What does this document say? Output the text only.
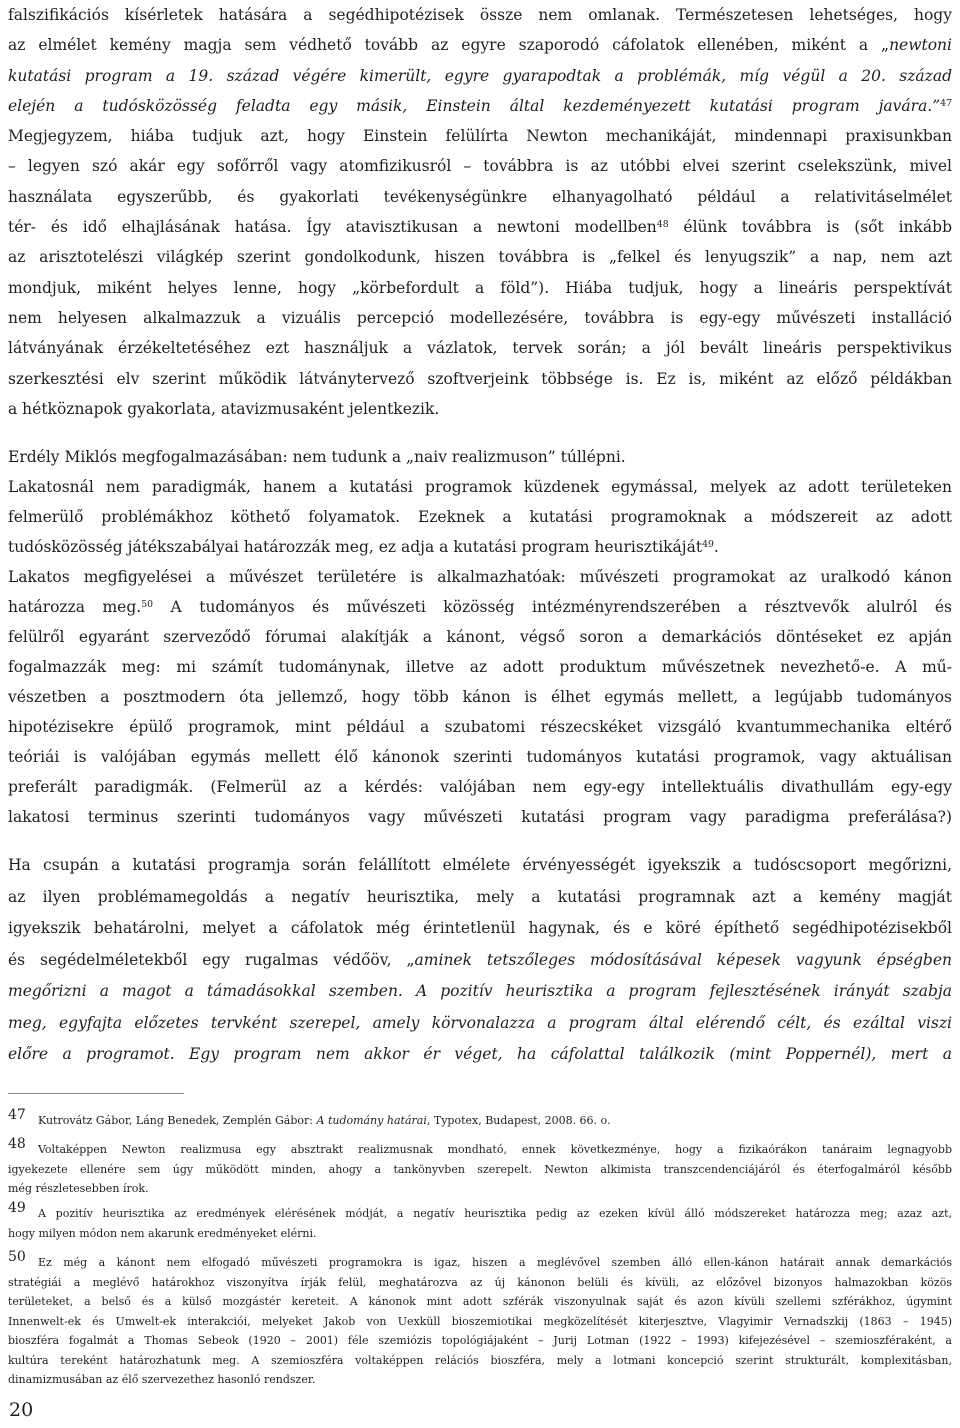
falszifikációs kísérletek hatására a segédhipotézisek össze nem omlanak. Természetesen lehetséges, hogy
az elmélet kemény magja sem védhető tovább az egyre szaporodó cáfolatok ellenében, miként a „newtoni
kutatási program a 19. század végére kimerült, egyre gyarapodtak a problémák, míg végül a 20. század
elején a tudósközösség feladta egy másik, Einstein által kezdeményezett kutatási program javára.”$^{47}$
Megjegyzem, hiába tudjuk azt, hogy Einstein felülírta Newton mechanikáját, mindennapi praxisunkban
– legyen szó akár egy sofőrről vagy atomfizikusról – továbbra is az utóbbi elvei szerint cselekszünk, mivel
használata egyszerűbb, és gyakorlati tevékenységünkre elhanyagolható például a relativitáselmélet
tér- és idő elhajlásának hatása. Így atavisztikusan a newtoni modellben$^{48}$ élünk továbbra is (sőt inkább
az arisztotelészi világkép szerint gondolkodunk, hiszen továbbra is „felkel és lenyugszik” a nap, nem azt
mondjuk, miként helyes lenne, hogy „körbefordult a föld”). Hiába tudjuk, hogy a lineáris perspektívát
nem helyesen alkalmazzuk a vizuális percepció modellezésére, továbbra is egy-egy művészeti installáció
látványának érzékeltetéséhez ezt használjuk a vázlatok, tervek során; a jól bevált lineáris perspektivikus
szerkesztési elv szerint működik látványtervező szoftverjeink többsége is. Ez is, miként az előző példákban
a hétköznapok gyakorlata, atavizmusaként jelentkezik.
Erdély Miklós megfogalmazásában: nem tudunk a „naiv realizmuson” túllépni.
Lakatosnál nem paradigmák, hanem a kutatási programok küzdenek egymással, melyek az adott területeken
felmerülő problémákhoz köthető folyamatok. Ezeknek a kutatási programoknak a módszereit az adott
tudósközösség játékszabályai határozzák meg, ez adja a kutatási program heurisztikáját$^{49}$.
Lakatos megfigyelései a művészet területére is alkalmazhatóak: művészeti programokat az uralkodó kánon
határozza meg.$^{50}$ A tudományos és művészeti közösség intézményrendszerében a résztvevők alulról és
felülről egyaránt szerveződő fórumai alakítják a kánont, végső soron a demarkációs döntéseket ez apján
fogalmazzák meg: mi számít tudománynak, illetve az adott produktum művészetnek nevezhető-e. A mű-
vészetben a posztmodern óta jellemző, hogy több kánon is élhet egymás mellett, a legújabb tudományos
hipotézisekre épülő programok, mint például a szubatomi részecskéket vizsgáló kvantummechanika eltérő
teóriái is valójában egymás mellett élő kánonok szerinti tudományos kutatási programok, vagy aktuálisan
preferált paradigmák. (Felmerül az a kérdés: valójában nem egy-egy intellektuális divathullám egy-egy
lakatosi terminus szerinti tudományos vagy művészeti kutatási program vagy paradigma preferálása?)
Ha csupán a kutatási programja során felállított elmélete érvényességét igyekszik a tudóscsoport megőrizni,
az ilyen problémamegoldás a negatív heurisztika, mely a kutatási programnak azt a kemény magját
igyekszik behatárolni, melyet a cáfolatok még érintetlenül hagynak, és e köré építhető segédhipotézisekből
és segédelméletekből egy rugalmas védőöv, „aminek tetszőleges módosításával képesek vagyunk épségben
megőrizni a magot a támadásokkal szemben. A pozitív heurisztika a program fejlesztésének irányát szabja
meg, egyfajta előzetes tervként szerepel, amely körvonalazza a program által elérendő célt, és ezáltal viszi
előre a programot. Egy program nem akkor ér véget, ha cáfolattal találkozik (mint Poppernél), mert a
47 Kutrovátz Gábor, Láng Benedek, Zemplén Gábor: A tudomány határai, Typotex, Budapest, 2008. 66. o.
48 Voltaképpen Newton realizmusa egy absztrakt realizmusnak mondható, ennek következménye, hogy a fizikaórákon tanáraim legnagyobb
igyekezete ellenére sem úgy működött minden, ahogy a tankönyvben szerepelt. Newton alkimista transzcendenciájáról és éterfogalmáról később
még részletesebben írok.
49 A pozitív heurisztika az eredmények elérésének módját, a negatív heurisztika pedig az ezeken kívül álló módszereket határozza meg; azaz azt,
hogy milyen módon nem akarunk eredményeket elérni.
50 Ez még a kánont nem elfogadó művészeti programokra is igaz, hiszen a meglévővel szemben álló ellen-kánon határait annak demarkációs
stratégiái a meglévő határokhoz viszonyítva írják felül, meghatározva az új kánonon belüli és kívüli, az előzővel bizonyos halmazokban közös
területeket, a belső és a külső mozgástér kereteit. A kánonok mint adott szférák viszonyulnak saját és azon kívüli szellemi szférákhoz, úgymint
Innenwelt-ek és Umwelt-ek interakciói, melyeket Jakob von Uexküll bioszemiotikai megközelítését kiterjesztve, Vlagyimir Vernadszkij (1863 – 1945)
bioszféra fogalmát a Thomas Sebeok (1920 – 2001) féle szemiózis topológiájaként – Jurij Lotman (1922 – 1993) kifejezésével – szemioszféraként, a
kultúra tereként határozhatunk meg. A szemioszféra voltaképpen relációs bioszféra, mely a lotmani koncepció szerint strukturált, komplexitásban,
dinamizmusában az élő szervezethez hasonló rendszer.
20
